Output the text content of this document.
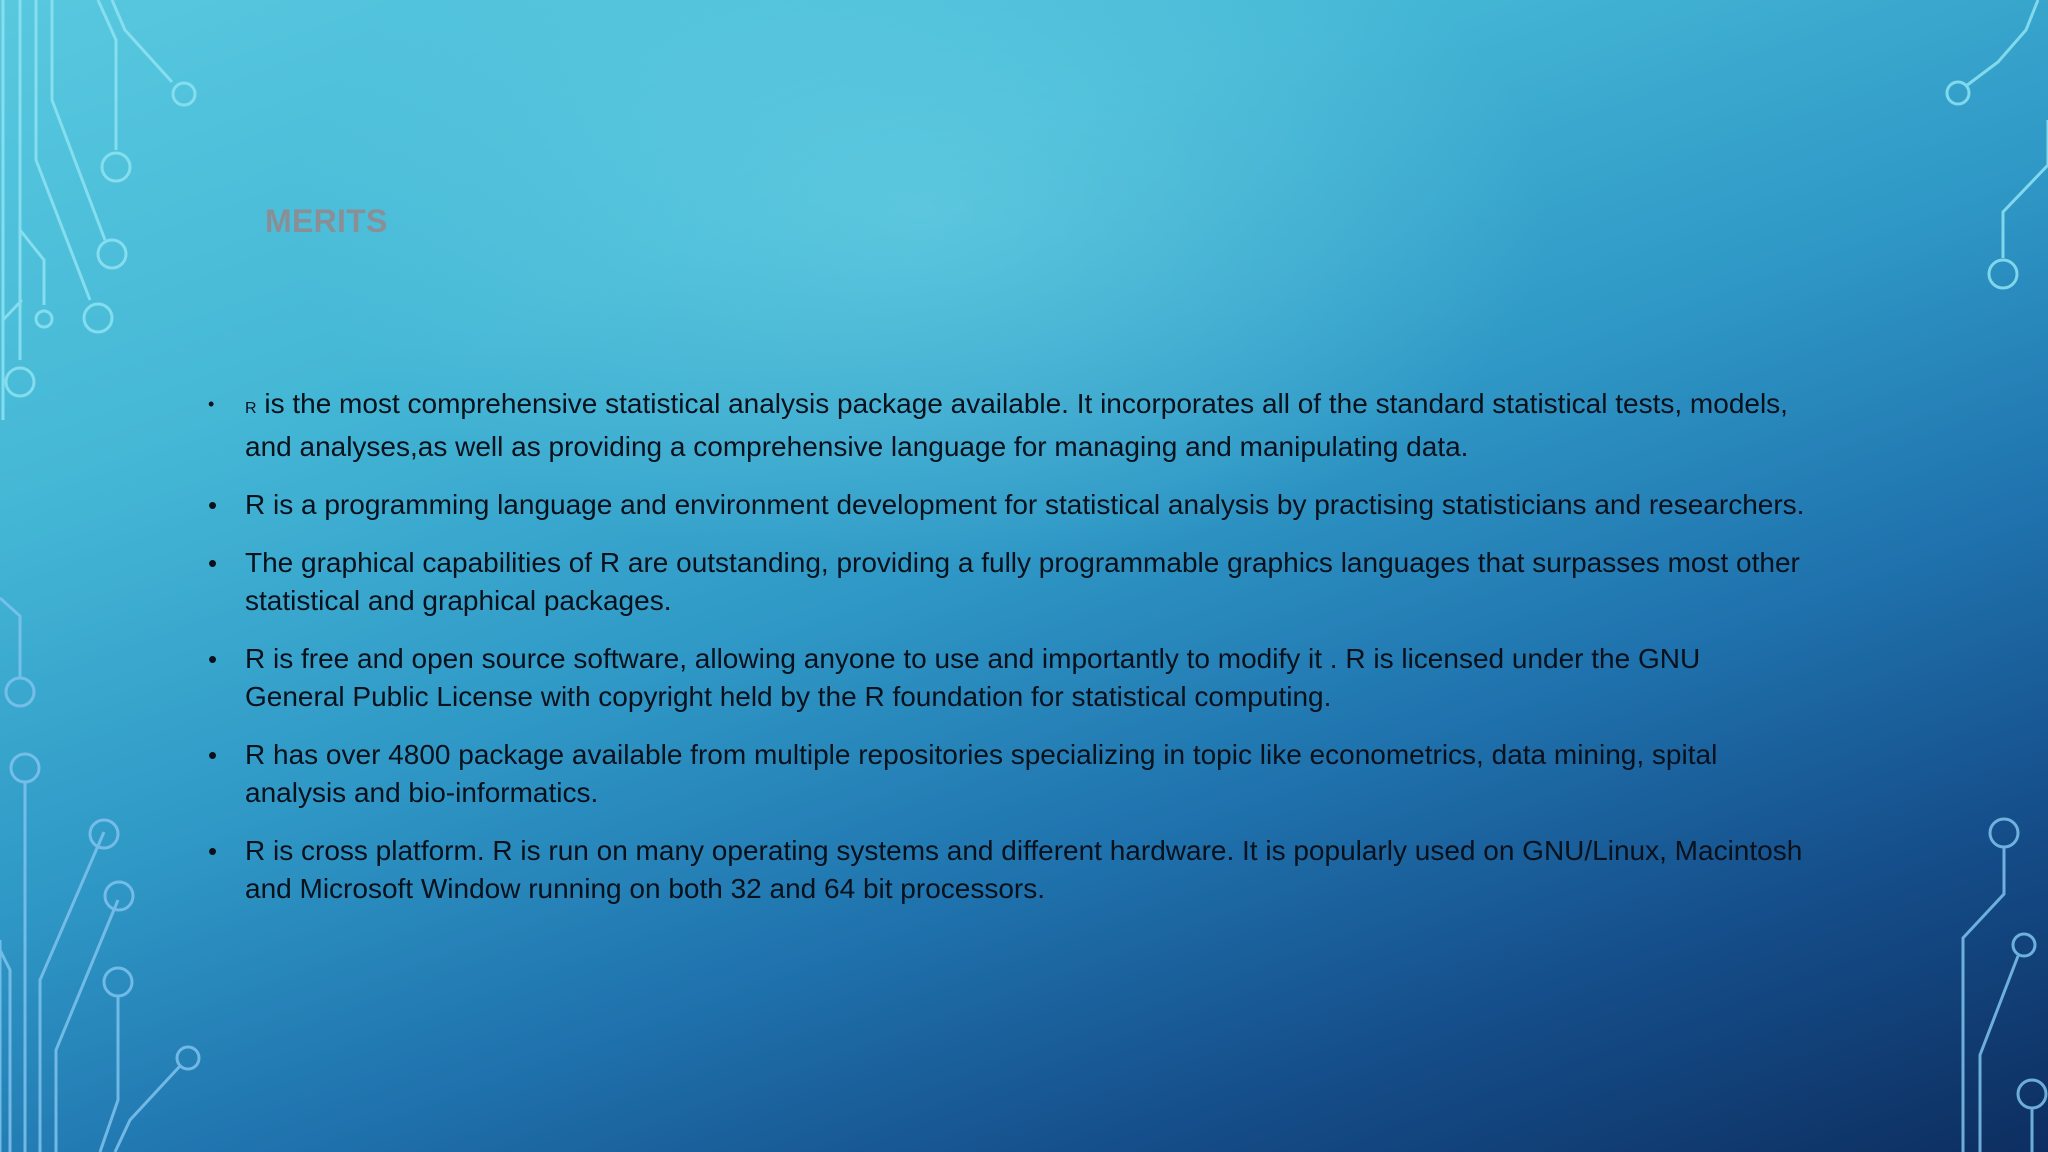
MERITS
•	R is the most comprehensive statistical analysis package available. It incorporates all of the standard statistical tests, models, and analyses,as well as providing a comprehensive language for managing and manipulating data.
• R is a programming language and environment development for statistical analysis by practising statisticians and researchers.
• The graphical capabilities of R are outstanding, providing a fully programmable graphics languages that surpasses most other statistical and graphical packages.
• R is free and open source software, allowing anyone to use and importantly to modify it . R is licensed under the GNU General Public License with copyright held by the R foundation for statistical computing.
• R has over 4800 package available from multiple repositories specializing in topic like econometrics, data mining, spital analysis and bio-informatics.
• R is cross platform. R is run on many operating systems and different hardware. It is popularly used on GNU/Linux, Macintosh and Microsoft Window running on both 32 and 64 bit processors.
